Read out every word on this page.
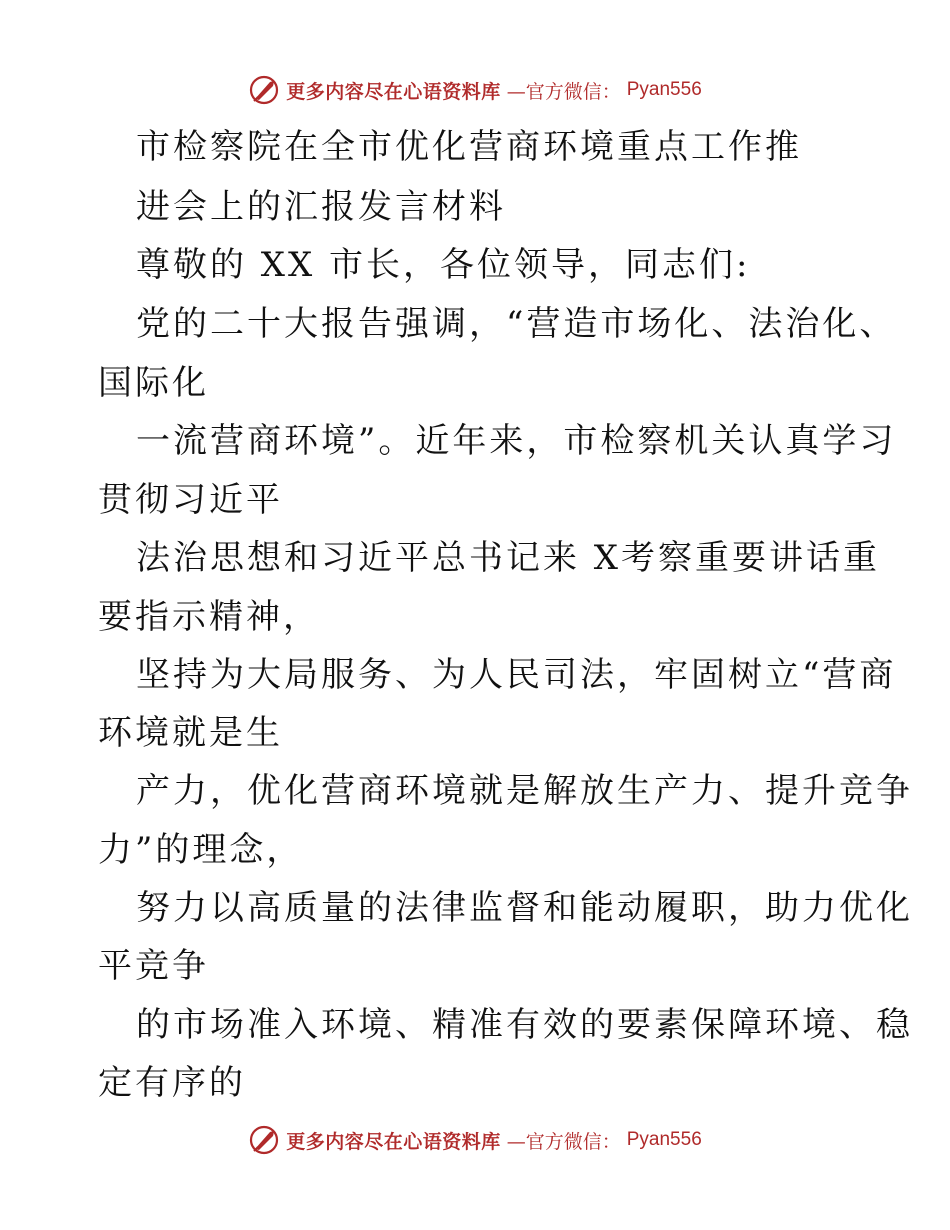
更多内容尽在心语资料库 —官方微信： Pyan556
市检察院在全市优化营商环境重点工作推
进会上的汇报发言材料
尊敬的 XX 市长，各位领导，同志们:
党的二十大报告强调，“营造市场化、法治化、
国际化
一流营商环境”。近年来，市检察机关认真学习
贯彻习近平
法治思想和习近平总书记来 X考察重要讲话重
要指示精神，
坚持为大局服务、为人民司法，牢固树立“营商
环境就是生
产力，优化营商环境就是解放生产力、提升竞争
力”的理念，
努力以高质量的法律监督和能动履职，助力优化
平竞争
的市场准入环境、精准有效的要素保障环境、稳
定有序的
更多内容尽在心语资料库 —官方微信： Pyan556
